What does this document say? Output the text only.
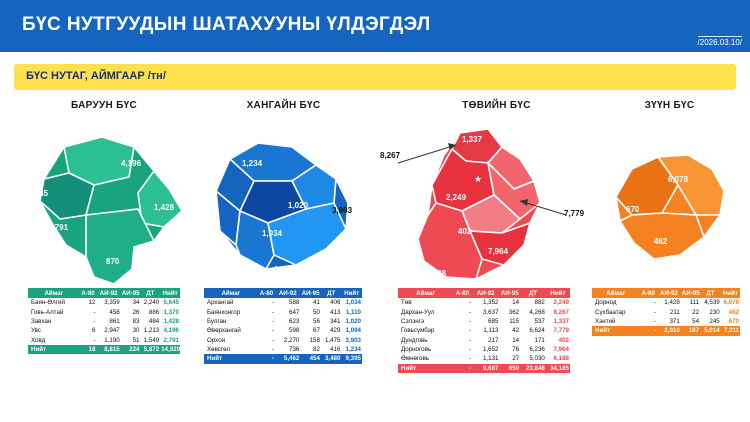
БҮС НУТГУУДЫН ШАТАХУУНЫ ҮЛДЭГДЭЛ
/2026.03.10/
БҮС НУТАГ, АЙМГААР /тн/
БАРУУН БҮС
4,196
5,645
1,428
2,791
870
Аймаг	А-80	АИ-92	АИ-95	ДТ	Нийт
Баян-Өлгий	12	3,359	34	2,240	5,645
Говь-Алтай	-	458	26	886	1,370
Завхан	-	861	83	484	1,428
Увс	6	2,947	30	1,213	4,196
Ховд	-	1,190	51	1,549	2,791
Нийт	18	8,815	224	5,872	14,929
ХАНГАЙН БҮС
1,234
1,020
3,903
1,034
1,110	1,094
1,034
Аймаг	А-80	АИ-92	АИ-95	ДТ	Нийт
Архангай	-	588	41	406	1,034
Баянхонгор	-	647	50	413	1,110
Булган	-	623	56	341	1,020
Өвөрхангай	-	598	67	429	1,094
Орхон	-	2,270	158	1,475	3,903
Хөвсгөл	-	736	82	416	1,234
Нийт	-	5,462	454	3,480	9,395
ТӨВИЙН БҮС
★
1,337
2,249
402
7,964
6,188
8,267
7,779
Аймаг	А-80	АИ-92	АИ-95	ДТ	Нийт
Төв	-	1,352	14	882	2,249
Дархан-Уул	-	3,637	362	4,268	8,267
Сэлэнгэ	-	685	115	537	1,337
Говьсүмбэр	-	1,113	42	6,624	7,779
Дундговь	-	217	14	171	402
Дорноговь	-	1,652	76	6,236	7,964
Өмнөговь	-	1,131	27	5,030	6,188
Нийт	-	9,687	650	23,848	34,185
ЗҮҮН БҮС
6,078
670
462
Аймаг	А-80	АИ-92	АИ-95	ДТ	Нийт
Дорнод	-	1,428	111	4,539	6,078
Сүхбаатар	-	211	22	230	462
Хэнтий	-	371	54	245	670
Нийт	-	2,010	187	5,014	7,211
